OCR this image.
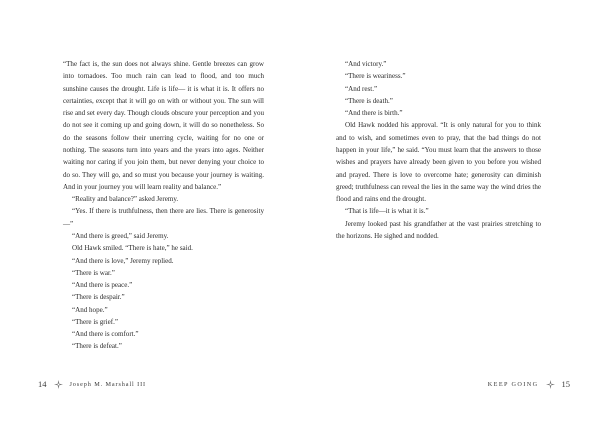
“The fact is, the sun does not always shine. Gentle breezes can grow into tornadoes. Too much rain can lead to flood, and too much sunshine causes the drought. Life is life— it is what it is. It offers no certainties, except that it will go on with or without you. The sun will rise and set every day. Though clouds obscure your perception and you do not see it coming up and going down, it will do so nonetheless. So do the seasons follow their unerring cycle, waiting for no one or nothing. The seasons turn into years and the years into ages. Neither waiting nor caring if you join them, but never denying your choice to do so. They will go, and so must you because your journey is waiting. And in your journey you will learn reality and balance.”

“Reality and balance?” asked Jeremy.

“Yes. If there is truthfulness, then there are lies. There is generosity—”

“And there is greed,” said Jeremy.

Old Hawk smiled. “There is hate,” he said.

“And there is love,” Jeremy replied.

“There is war.”

“And there is peace.”

“There is despair.”

“And hope.”

“There is grief.”

“And there is comfort.”

“There is defeat.”

14	Joseph M. Marshall III

“And victory.”

“There is weariness.”

“And rest.”

“There is death.”

“And there is birth.”

Old Hawk nodded his approval. “It is only natural for you to think and to wish, and sometimes even to pray, that the bad things do not happen in your life,” he said. “You must learn that the answers to those wishes and prayers have already been given to you before you wished and prayed. There is love to overcome hate; generosity can diminish greed; truthfulness can reveal the lies in the same way the wind dries the flood and rains end the drought.

“That is life—it is what it is.”

Jeremy looked past his grandfather at the vast prairies stretching to the horizons. He sighed and nodded.

KEEP GOING	15
